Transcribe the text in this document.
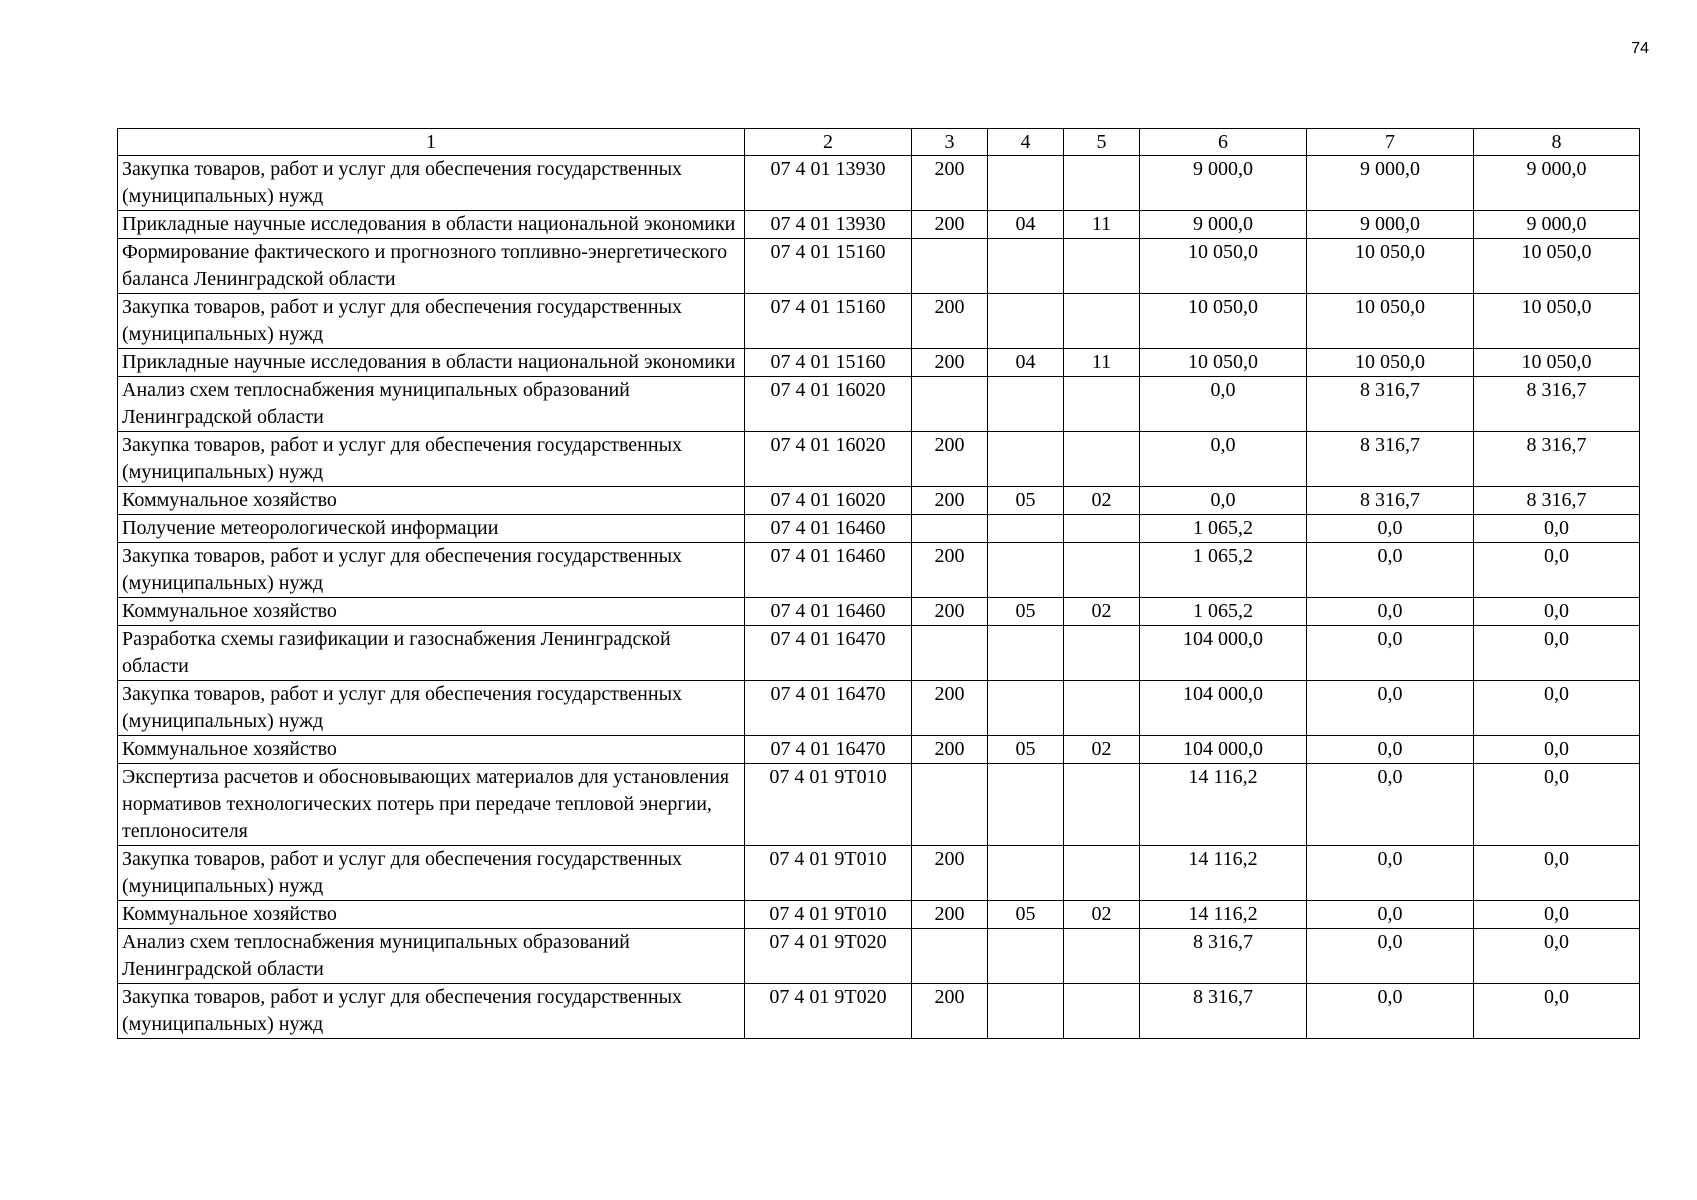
74
1	2	3	4	5	6	7	8
Закупка товаров, работ и услуг для обеспечения государственных (муниципальных) нужд	07 4 01 13930	200			9 000,0	9 000,0	9 000,0
Прикладные научные исследования в области национальной экономики	07 4 01 13930	200	04	11	9 000,0	9 000,0	9 000,0
Формирование фактического и прогнозного топливно-энергетического баланса Ленинградской области	07 4 01 15160				10 050,0	10 050,0	10 050,0
Закупка товаров, работ и услуг для обеспечения государственных (муниципальных) нужд	07 4 01 15160	200			10 050,0	10 050,0	10 050,0
Прикладные научные исследования в области национальной экономики	07 4 01 15160	200	04	11	10 050,0	10 050,0	10 050,0
Анализ схем теплоснабжения муниципальных образований Ленинградской области	07 4 01 16020				0,0	8 316,7	8 316,7
Закупка товаров, работ и услуг для обеспечения государственных (муниципальных) нужд	07 4 01 16020	200			0,0	8 316,7	8 316,7
Коммунальное хозяйство	07 4 01 16020	200	05	02	0,0	8 316,7	8 316,7
Получение метеорологической информации	07 4 01 16460				1 065,2	0,0	0,0
Закупка товаров, работ и услуг для обеспечения государственных (муниципальных) нужд	07 4 01 16460	200			1 065,2	0,0	0,0
Коммунальное хозяйство	07 4 01 16460	200	05	02	1 065,2	0,0	0,0
Разработка схемы газификации и газоснабжения Ленинградской области	07 4 01 16470				104 000,0	0,0	0,0
Закупка товаров, работ и услуг для обеспечения государственных (муниципальных) нужд	07 4 01 16470	200			104 000,0	0,0	0,0
Коммунальное хозяйство	07 4 01 16470	200	05	02	104 000,0	0,0	0,0
Экспертиза расчетов и обосновывающих материалов для установления нормативов технологических потерь при передаче тепловой энергии, теплоносителя	07 4 01 9Т010				14 116,2	0,0	0,0
Закупка товаров, работ и услуг для обеспечения государственных (муниципальных) нужд	07 4 01 9Т010	200			14 116,2	0,0	0,0
Коммунальное хозяйство	07 4 01 9Т010	200	05	02	14 116,2	0,0	0,0
Анализ схем теплоснабжения муниципальных образований Ленинградской области	07 4 01 9Т020				8 316,7	0,0	0,0
Закупка товаров, работ и услуг для обеспечения государственных (муниципальных) нужд	07 4 01 9Т020	200			8 316,7	0,0	0,0
